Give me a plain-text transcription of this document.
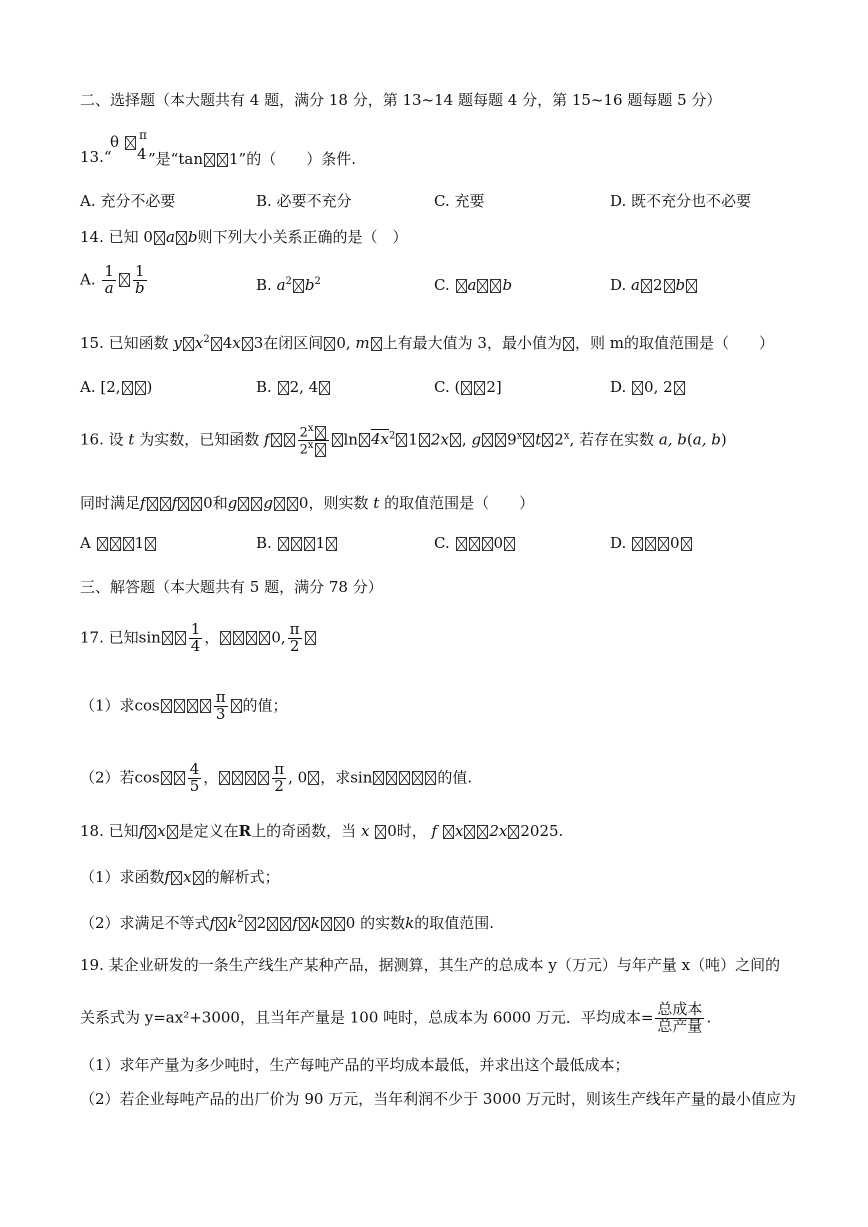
二、选择题（本大题共有 4 题，满分 18 分，第 13~14 题每题 4 分，第 15~16 题每题 5 分）
13.“
θ	π
4 ”是“tan 1”的（　　）条件.
A. 充分不必要	B. 必要不充分	C. 充要	D. 既不充分也不必要
14. 已知 0 a b则下列大小关系正确的是（　）
A. $\frac{1}{a} \frac{1}{b}$	B. $a^2$ $b^2$	C. a b	D. a 2 b
15. 已知函数 y $x^2$ 4x 3在闭区间 0, m 上有最大值为 3，最小值为 ，则 m的取值范围是（　　）
A. [2, )	B. 2, 4	C. ( 2]	D. 0, 2
16. 设 t 为实数，已知函数 f $\frac{2^x}{2^x}$ $\ln 4x^2$ 1 2x , g 9$^x$ t 2$^x$, 若存在实数 a, b(a, b)
同时满足f f 0和g g 0，则实数 t 的取值范围是（　　）
A	1	B.	1	C.	0	D.	0
三、解答题（本大题共有 5 题，满分 78 分）
17. 已知$\sin \frac{1}{4}$ ，	0, $\frac{\pi}{2}$
（1）求cos	$\frac{\pi}{3}$ 的值；
（2）若$\cos \frac{4}{5}$ ，	$\frac{\pi}{2}$ , 0 ，求sin	的值.
18. 已知f x 是定义在R上的奇函数，当 x 0时， f x 2x 2025.
（1）求函数f x 的解析式；
（2）求满足不等式f $k^2$ 2 f k 0 的实数k的取值范围.
19. 某企业研发的一条生产线生产某种产品，据测算，其生产的总成本 y（万元）与年产量 x（吨）之间的
关系式为 y=ax²+3000，且当年产量是 100 吨时，总成本为 6000 万元．平均成本= $\frac{\text{总成本}}{\text{总产量}}$ .
（1）求年产量为多少吨时，生产每吨产品的平均成本最低，并求出这个最低成本；
（2）若企业每吨产品的出厂价为 90 万元，当年利润不少于 3000 万元时，则该生产线年产量的最小值应为
